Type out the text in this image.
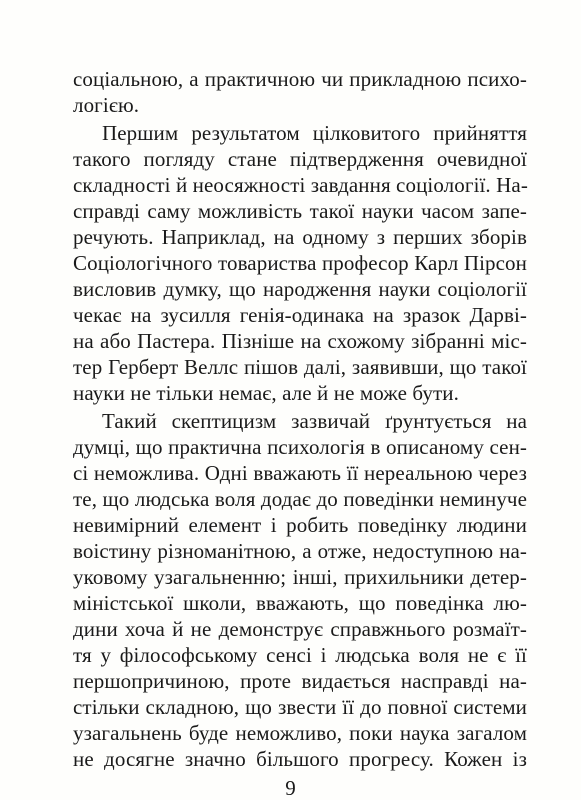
соціальною, а практичною чи прикладною психо-
логією.
Першим результатом цілковитого прийняття
такого погляду стане підтвердження очевидної
складності й неосяжності завдання соціології. На-
справді саму можливість такої науки часом запе-
речують. Наприклад, на одному з перших зборів
Соціологічного товариства професор Карл Пірсон
висловив думку, що народження науки соціології
чекає на зусилля генія-одинака на зразок Дарві-
на або Пастера. Пізніше на схожому зібранні міс-
тер Герберт Веллс пішов далі, заявивши, що такої
науки не тільки немає, але й не може бути.
Такий скептицизм зазвичай ґрунтується на
думці, що практична психологія в описаному сен-
сі неможлива. Одні вважають її нереальною через
те, що людська воля додає до поведінки неминуче
невимірний елемент і робить поведінку людини
воістину різноманітною, а отже, недоступною на-
уковому узагальненню; інші, прихильники детер-
міністської школи, вважають, що поведінка лю-
дини хоча й не демонструє справжнього розмаїт-
тя у філософському сенсі і людська воля не є її
першопричиною, проте видається насправді на-
стільки складною, що звести її до повної системи
узагальнень буде неможливо, поки наука загалом
не досягне значно більшого прогресу. Кожен із
9
